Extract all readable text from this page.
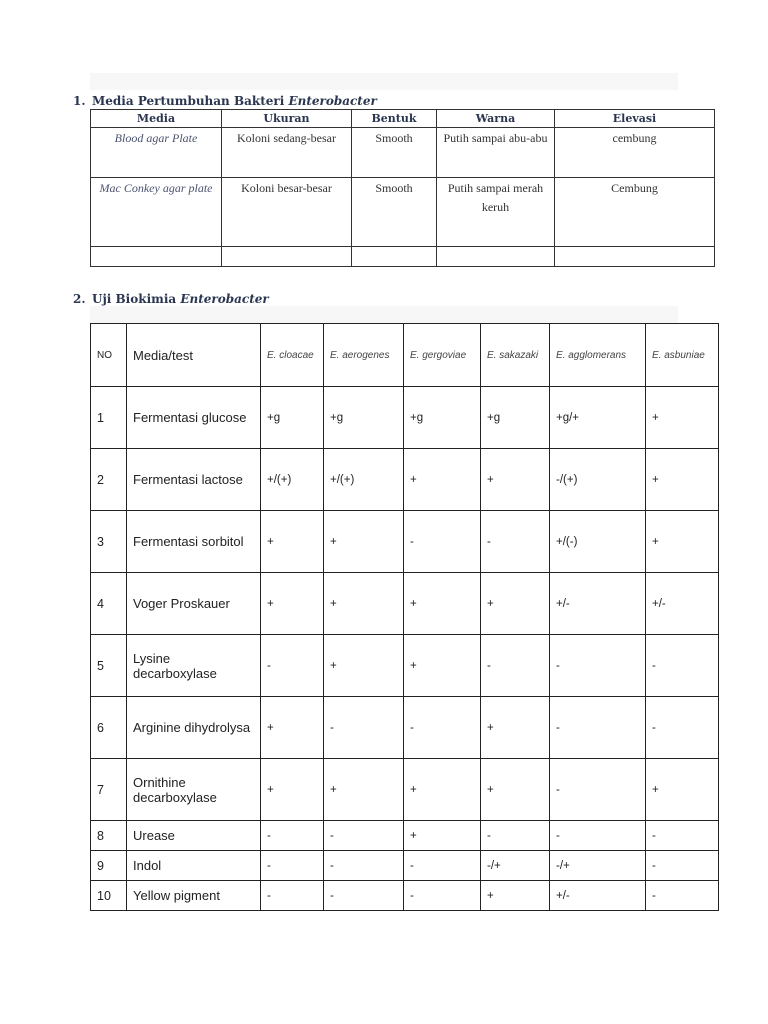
1. Media Pertumbuhan Bakteri Enterobacter
Media	Ukuran	Bentuk	Warna	Elevasi
Blood agar Plate	Koloni sedang-besar	Smooth	Putih sampai abu-abu	cembung
Mac Conkey agar plate	Koloni besar-besar	Smooth	Putih sampai merah keruh	Cembung

2. Uji Biokimia Enterobacter
NO	Media/test	E. cloacae	E. aerogenes	E. gergoviae	E. sakazaki	E. agglomerans	E. asbuniae
1	Fermentasi glucose	+g	+g	+g	+g	+g/+	+
2	Fermentasi lactose	+/(+)	+/(+)	+	+	-/(+)	+
3	Fermentasi sorbitol	+	+	-	-	+/(-)	+
4	Voger Proskauer	+	+	+	+	+/-	+/-
5	Lysine decarboxylase	-	+	+	-	-	-
6	Arginine dihydrolysa	+	-	-	+	-	-
7	Ornithine decarboxylase	+	+	+	+	-	+
8	Urease	-	-	+	-	-	-
9	Indol	-	-	-	-/+	-/+	-
10	Yellow pigment	-	-	-	+	+/-	-
